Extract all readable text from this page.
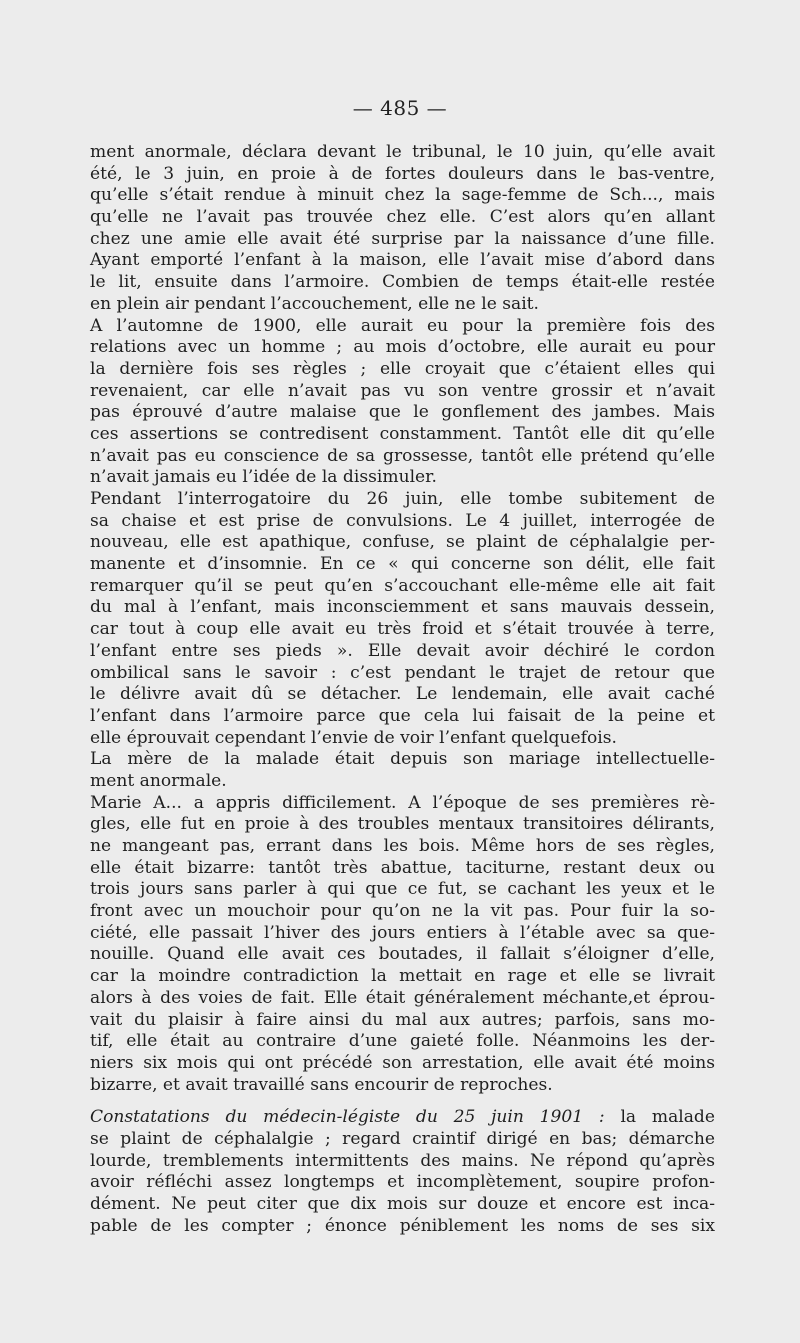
— 485 —
ment anormale, déclara devant le tribunal, le 10 juin, qu’elle avait
été, le 3 juin, en proie à de fortes douleurs dans le bas-ventre,
qu’elle s’était rendue à minuit chez la sage-femme de Sch..., mais
qu’elle ne l’avait pas trouvée chez elle. C’est alors qu’en allant
chez une amie elle avait été surprise par la naissance d’une fille.
Ayant emporté l’enfant à la maison, elle l’avait mise d’abord dans
le lit, ensuite dans l’armoire. Combien de temps était-elle restée
en plein air pendant l’accouchement, elle ne le sait.
A l’automne de 1900, elle aurait eu pour la première fois des
relations avec un homme ; au mois d’octobre, elle aurait eu pour
la dernière fois ses règles ; elle croyait que c’étaient elles qui
revenaient, car elle n’avait pas vu son ventre grossir et n’avait
pas éprouvé d’autre malaise que le gonflement des jambes. Mais
ces assertions se contredisent constamment. Tantôt elle dit qu’elle
n’avait pas eu conscience de sa grossesse, tantôt elle prétend qu’elle
n’avait jamais eu l’idée de la dissimuler.
Pendant l’interrogatoire du 26 juin, elle tombe subitement de
sa chaise et est prise de convulsions. Le 4 juillet, interrogée de
nouveau, elle est apathique, confuse, se plaint de céphalalgie per-
manente et d’insomnie. En ce « qui concerne son délit, elle fait
remarquer qu’il se peut qu’en s’accouchant elle-même elle ait fait
du mal à l’enfant, mais inconsciemment et sans mauvais dessein,
car tout à coup elle avait eu très froid et s’était trouvée à terre,
l’enfant entre ses pieds ». Elle devait avoir déchiré le cordon
ombilical sans le savoir : c’est pendant le trajet de retour que
le délivre avait dû se détacher. Le lendemain, elle avait caché
l’enfant dans l’armoire parce que cela lui faisait de la peine et
elle éprouvait cependant l’envie de voir l’enfant quelquefois.
La mère de la malade était depuis son mariage intellectuelle-
ment anormale.
Marie A... a appris difficilement. A l’époque de ses premières rè-
gles, elle fut en proie à des troubles mentaux transitoires délirants,
ne mangeant pas, errant dans les bois. Même hors de ses règles,
elle était bizarre: tantôt très abattue, taciturne, restant deux ou
trois jours sans parler à qui que ce fut, se cachant les yeux et le
front avec un mouchoir pour qu’on ne la vit pas. Pour fuir la so-
ciété, elle passait l’hiver des jours entiers à l’étable avec sa que-
nouille. Quand elle avait ces boutades, il fallait s’éloigner d’elle,
car la moindre contradiction la mettait en rage et elle se livrait
alors à des voies de fait. Elle était généralement méchante,et éprou-
vait du plaisir à faire ainsi du mal aux autres; parfois, sans mo-
tif, elle était au contraire d’une gaieté folle. Néanmoins les der-
niers six mois qui ont précédé son arrestation, elle avait été moins
bizarre, et avait travaillé sans encourir de reproches.
Constatations du médecin-légiste du 25 juin 1901 : la malade
se plaint de céphalalgie ; regard craintif dirigé en bas; démarche
lourde, tremblements intermittents des mains. Ne répond qu’après
avoir réfléchi assez longtemps et incomplètement, soupire profon-
dément. Ne peut citer que dix mois sur douze et encore est inca-
pable de les compter ; énonce péniblement les noms de ses six
